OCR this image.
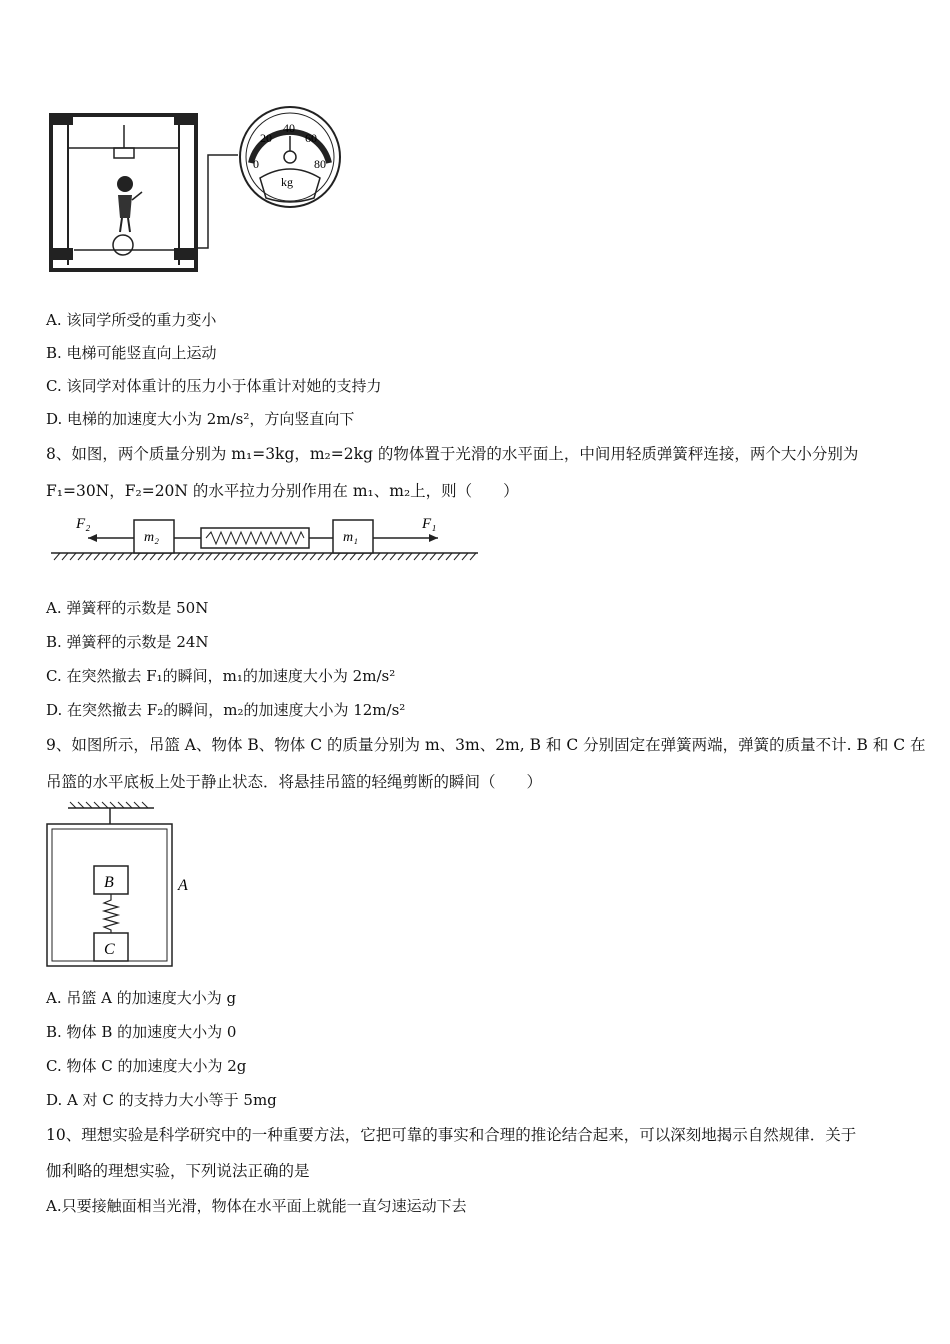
0
20
40
60
80
kg
A. 该同学所受的重力变小
B. 电梯可能竖直向上运动
C. 该同学对体重计的压力小于体重计对她的支持力
D. 电梯的加速度大小为 2m/s²，方向竖直向下
8、如图，两个质量分别为 m₁=3kg，m₂=2kg 的物体置于光滑的水平面上，中间用轻质弹簧秤连接，两个大小分别为
F₁=30N，F₂=20N 的水平拉力分别作用在 m₁、m₂上，则（　　）
F₂
m₂	m₁
F₁
A. 弹簧秤的示数是 50N
B. 弹簧秤的示数是 24N
C. 在突然撤去 F₁的瞬间，m₁的加速度大小为 2m/s²
D. 在突然撤去 F₂的瞬间，m₂的加速度大小为 12m/s²
9、如图所示，吊篮 A、物体 B、物体 C 的质量分别为 m、3m、2m, B 和 C 分别固定在弹簧两端，弹簧的质量不计. B 和 C 在
吊篮的水平底板上处于静止状态．将悬挂吊篮的轻绳剪断的瞬间（　　）
B
C
A
A. 吊篮 A 的加速度大小为 g
B. 物体 B 的加速度大小为 0
C. 物体 C 的加速度大小为 2g
D. A 对 C 的支持力大小等于 5mg
10、理想实验是科学研究中的一种重要方法，它把可靠的事实和合理的推论结合起来，可以深刻地揭示自然规律．关于
伽利略的理想实验，下列说法正确的是
A.只要接触面相当光滑，物体在水平面上就能一直匀速运动下去
